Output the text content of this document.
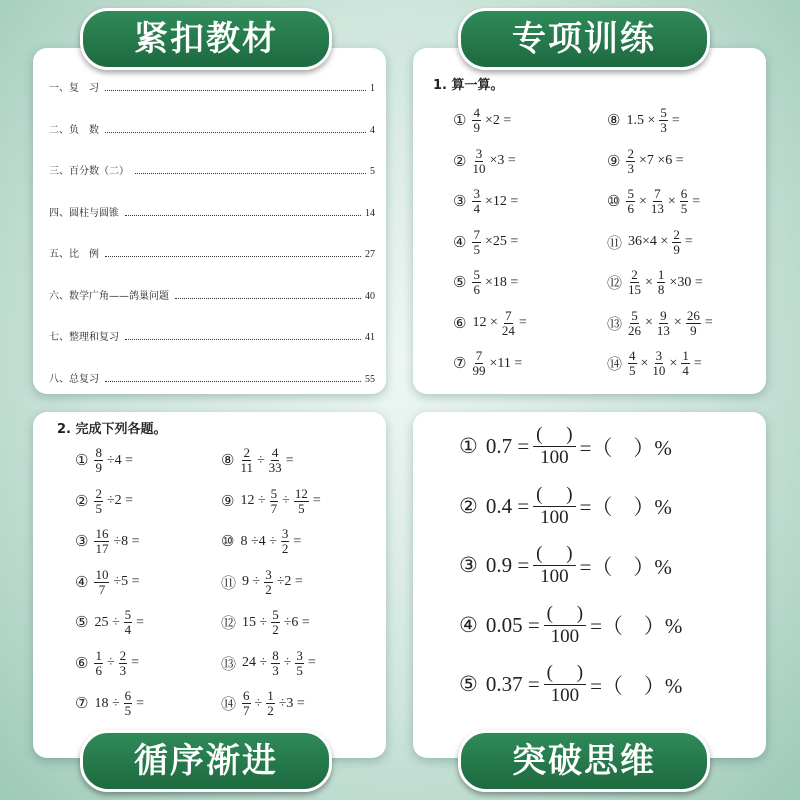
紧扣教材	专项训练
循序渐进	突破思维
一、复　习	1
二、负　数	4
三、百分数（二）	5
四、圆柱与圆锥	14
五、比　例	27
六、数学广角——鸽巢问题	40
七、整理和复习	41
八、总复习	55
1. 算一算。
① $\frac{4}{9} \times 2$ =
② $\frac{3}{10} \times 3$ =
③ $\frac{3}{4} \times 12$ =
④ $\frac{7}{5} \times 25$ =
⑤ $\frac{5}{6} \times 18$ =
⑥ $12 \times \frac{7}{24}$ =
⑦ $\frac{7}{99} \times 11$ =
⑧ $1.5 \times \frac{5}{3}$ =
⑨ $\frac{2}{3} \times 7 \times 6$ =
⑩ $\frac{5}{6} \times \frac{7}{13} \times \frac{6}{5}$ =
⑪ $36\times 4 \times \frac{2}{9}$ =
⑫ $\frac{2}{15} \times \frac{1}{8} \times 30$ =
⑬ $\frac{5}{26} \times \frac{9}{13} \times \frac{26}{9}$ =
⑭ $\frac{4}{5} \times \frac{3}{10} \times \frac{1}{4}$ =
2. 完成下列各题。
① $\frac{8}{9} \div 4$ =
② $\frac{2}{5} \div 2$ =
③ $\frac{16}{17} \div 8$ =
④ $\frac{10}{7} \div 5$ =
⑤ $25 \div \frac{5}{4}$ =
⑥ $\frac{1}{6} \div \frac{2}{3}$ =
⑦ $18 \div \frac{6}{5}$ =
⑧ $\frac{2}{11} \div \frac{4}{33}$ =
⑨ $12 \div \frac{5}{7} \div \frac{12}{5}$ =
⑩ $8 \div 4 \div \frac{3}{2}$ =
⑪ $9 \div \frac{3}{2} \div 2$ =
⑫ $15 \div \frac{5}{2} \div 6$ =
⑬ $24 \div \frac{8}{3} \div \frac{3}{5}$ =
⑭ $\frac{6}{7} \div \frac{1}{2} \div 3$ =
① $0.7 = \frac{( )}{100}$ =（　）%
② $0.4 = \frac{( )}{100}$ =（　）%
③ $0.9 = \frac{( )}{100}$ =（　）%
④ $0.05 = \frac{( )}{100}$ =（　）%
⑤ $0.37 = \frac{( )}{100}$ =（　）%
